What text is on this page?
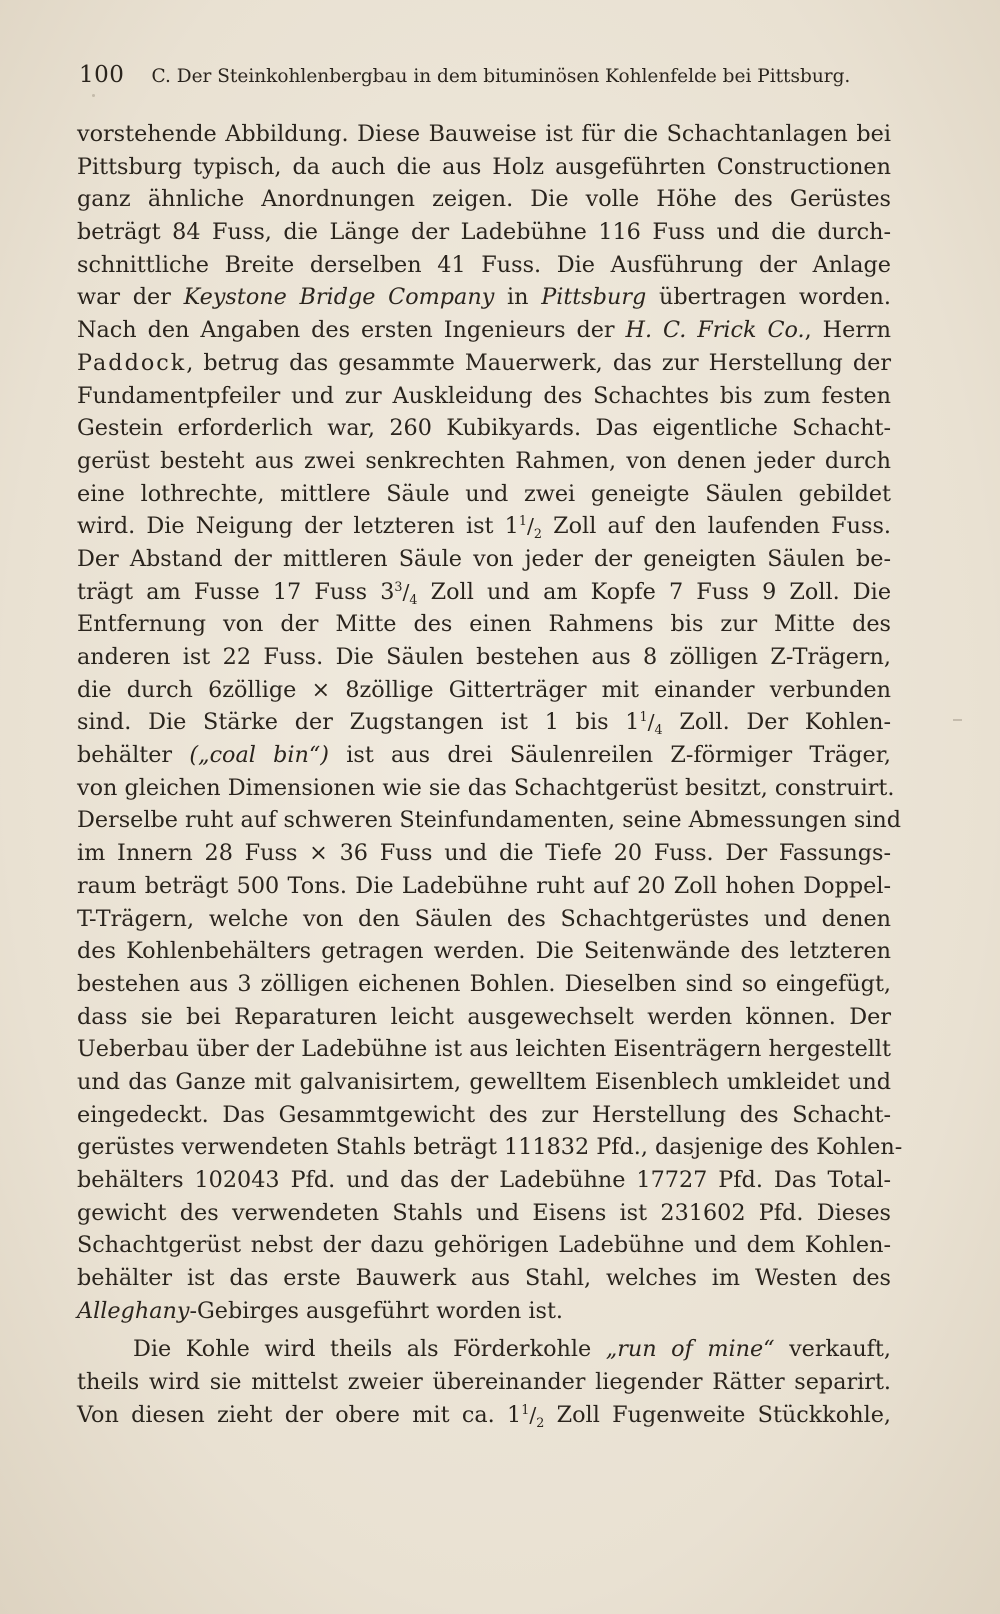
100 C. Der Steinkohlenbergbau in dem bituminösen Kohlenfelde bei Pittsburg.
vorstehende Abbildung. Diese Bauweise ist für die Schachtanlagen bei
Pittsburg typisch, da auch die aus Holz ausgeführten Constructionen
ganz ähnliche Anordnungen zeigen. Die volle Höhe des Gerüstes
beträgt 84 Fuss, die Länge der Ladebühne 116 Fuss und die durch-
schnittliche Breite derselben 41 Fuss. Die Ausführung der Anlage
war der Keystone Bridge Company in Pittsburg übertragen worden.
Nach den Angaben des ersten Ingenieurs der H. C. Frick Co., Herrn
Paddock, betrug das gesammte Mauerwerk, das zur Herstellung der
Fundamentpfeiler und zur Auskleidung des Schachtes bis zum festen
Gestein erforderlich war, 260 Kubikyards. Das eigentliche Schacht-
gerüst besteht aus zwei senkrechten Rahmen, von denen jeder durch
eine lothrechte, mittlere Säule und zwei geneigte Säulen gebildet
wird. Die Neigung der letzteren ist $1^1/_2$ Zoll auf den laufenden Fuss.
Der Abstand der mittleren Säule von jeder der geneigten Säulen be-
trägt am Fusse 17 Fuss $3^3/_4$ Zoll und am Kopfe 7 Fuss 9 Zoll. Die
Entfernung von der Mitte des einen Rahmens bis zur Mitte des
anderen ist 22 Fuss. Die Säulen bestehen aus 8 zölligen Z-Trägern,
die durch 6zöllige × 8zöllige Gitterträger mit einander verbunden
sind. Die Stärke der Zugstangen ist 1 bis $1^1/_4$ Zoll. Der Kohlen-
behälter („coal bin“) ist aus drei Säulenreilen Z-förmiger Träger,
von gleichen Dimensionen wie sie das Schachtgerüst besitzt, construirt.
Derselbe ruht auf schweren Steinfundamenten, seine Abmessungen sind
im Innern 28 Fuss × 36 Fuss und die Tiefe 20 Fuss. Der Fassungs-
raum beträgt 500 Tons. Die Ladebühne ruht auf 20 Zoll hohen Doppel-
T-Trägern, welche von den Säulen des Schachtgerüstes und denen
des Kohlenbehälters getragen werden. Die Seitenwände des letzteren
bestehen aus 3 zölligen eichenen Bohlen. Dieselben sind so eingefügt,
dass sie bei Reparaturen leicht ausgewechselt werden können. Der
Ueberbau über der Ladebühne ist aus leichten Eisenträgern hergestellt
und das Ganze mit galvanisirtem, gewelltem Eisenblech umkleidet und
eingedeckt. Das Gesammtgewicht des zur Herstellung des Schacht-
gerüstes verwendeten Stahls beträgt 111832 Pfd., dasjenige des Kohlen-
behälters 102043 Pfd. und das der Ladebühne 17727 Pfd. Das Total-
gewicht des verwendeten Stahls und Eisens ist 231602 Pfd. Dieses
Schachtgerüst nebst der dazu gehörigen Ladebühne und dem Kohlen-
behälter ist das erste Bauwerk aus Stahl, welches im Westen des
Alleghany-Gebirges ausgeführt worden ist.
Die Kohle wird theils als Förderkohle „run of mine“ verkauft,
theils wird sie mittelst zweier übereinander liegender Rätter separirt.
Von diesen zieht der obere mit ca. $1^1/_2$ Zoll Fugenweite Stückkohle,
